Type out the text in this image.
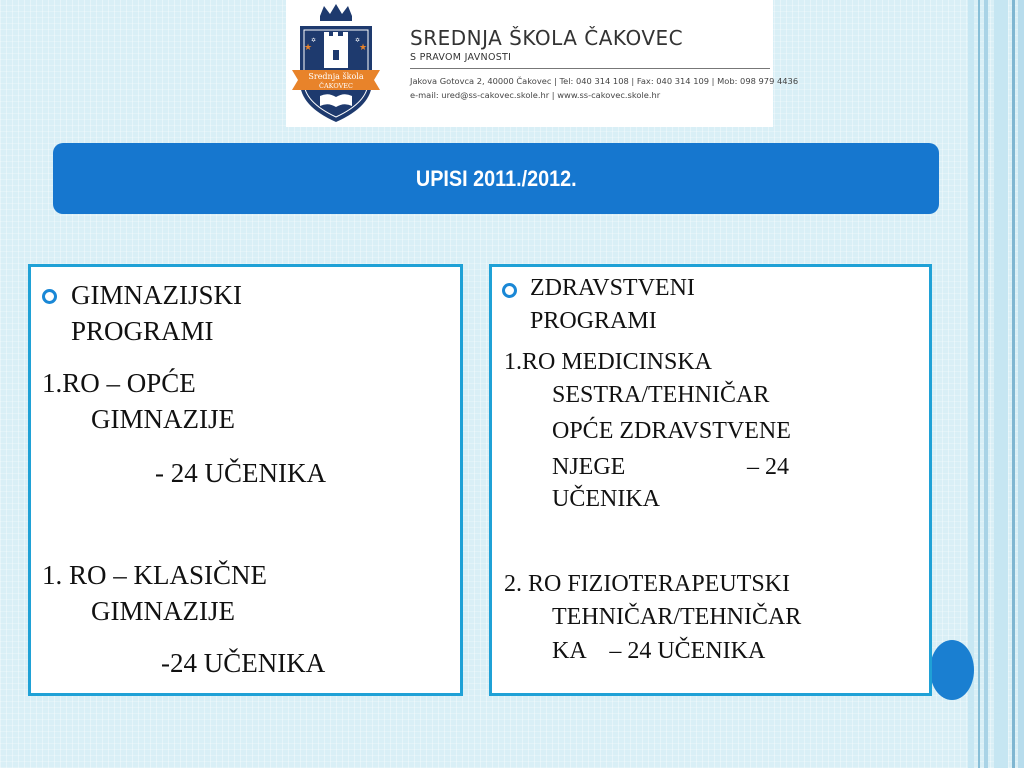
★	★
✡	✡
Srednja škola
ČAKOVEC
SREDNJA ŠKOLA ČAKOVEC
S PRAVOM JAVNOSTI
Jakova Gotovca 2, 40000 Čakovec | Tel: 040 314 108 | Fax: 040 314 109 | Mob: 098 979 4436
e-mail: ured@ss-cakovec.skole.hr | www.ss-cakovec.skole.hr
UPISI 2011./2012.

GIMNAZIJSKI

PROGRAMI

1.RO – OPĆE

GIMNAZIJE

- 24 UČENIKA

1. RO – KLASIČNE

GIMNAZIJE

-24 UČENIKA

ZDRAVSTVENI

PROGRAMI

1.RO MEDICINSKA

SESTRA/TEHNIČAR

OPĆE ZDRAVSTVENE

NJEGE	– 24

UČENIKA

2. RO FIZIOTERAPEUTSKI

TEHNIČAR/TEHNIČAR

KA    – 24 UČENIKA
